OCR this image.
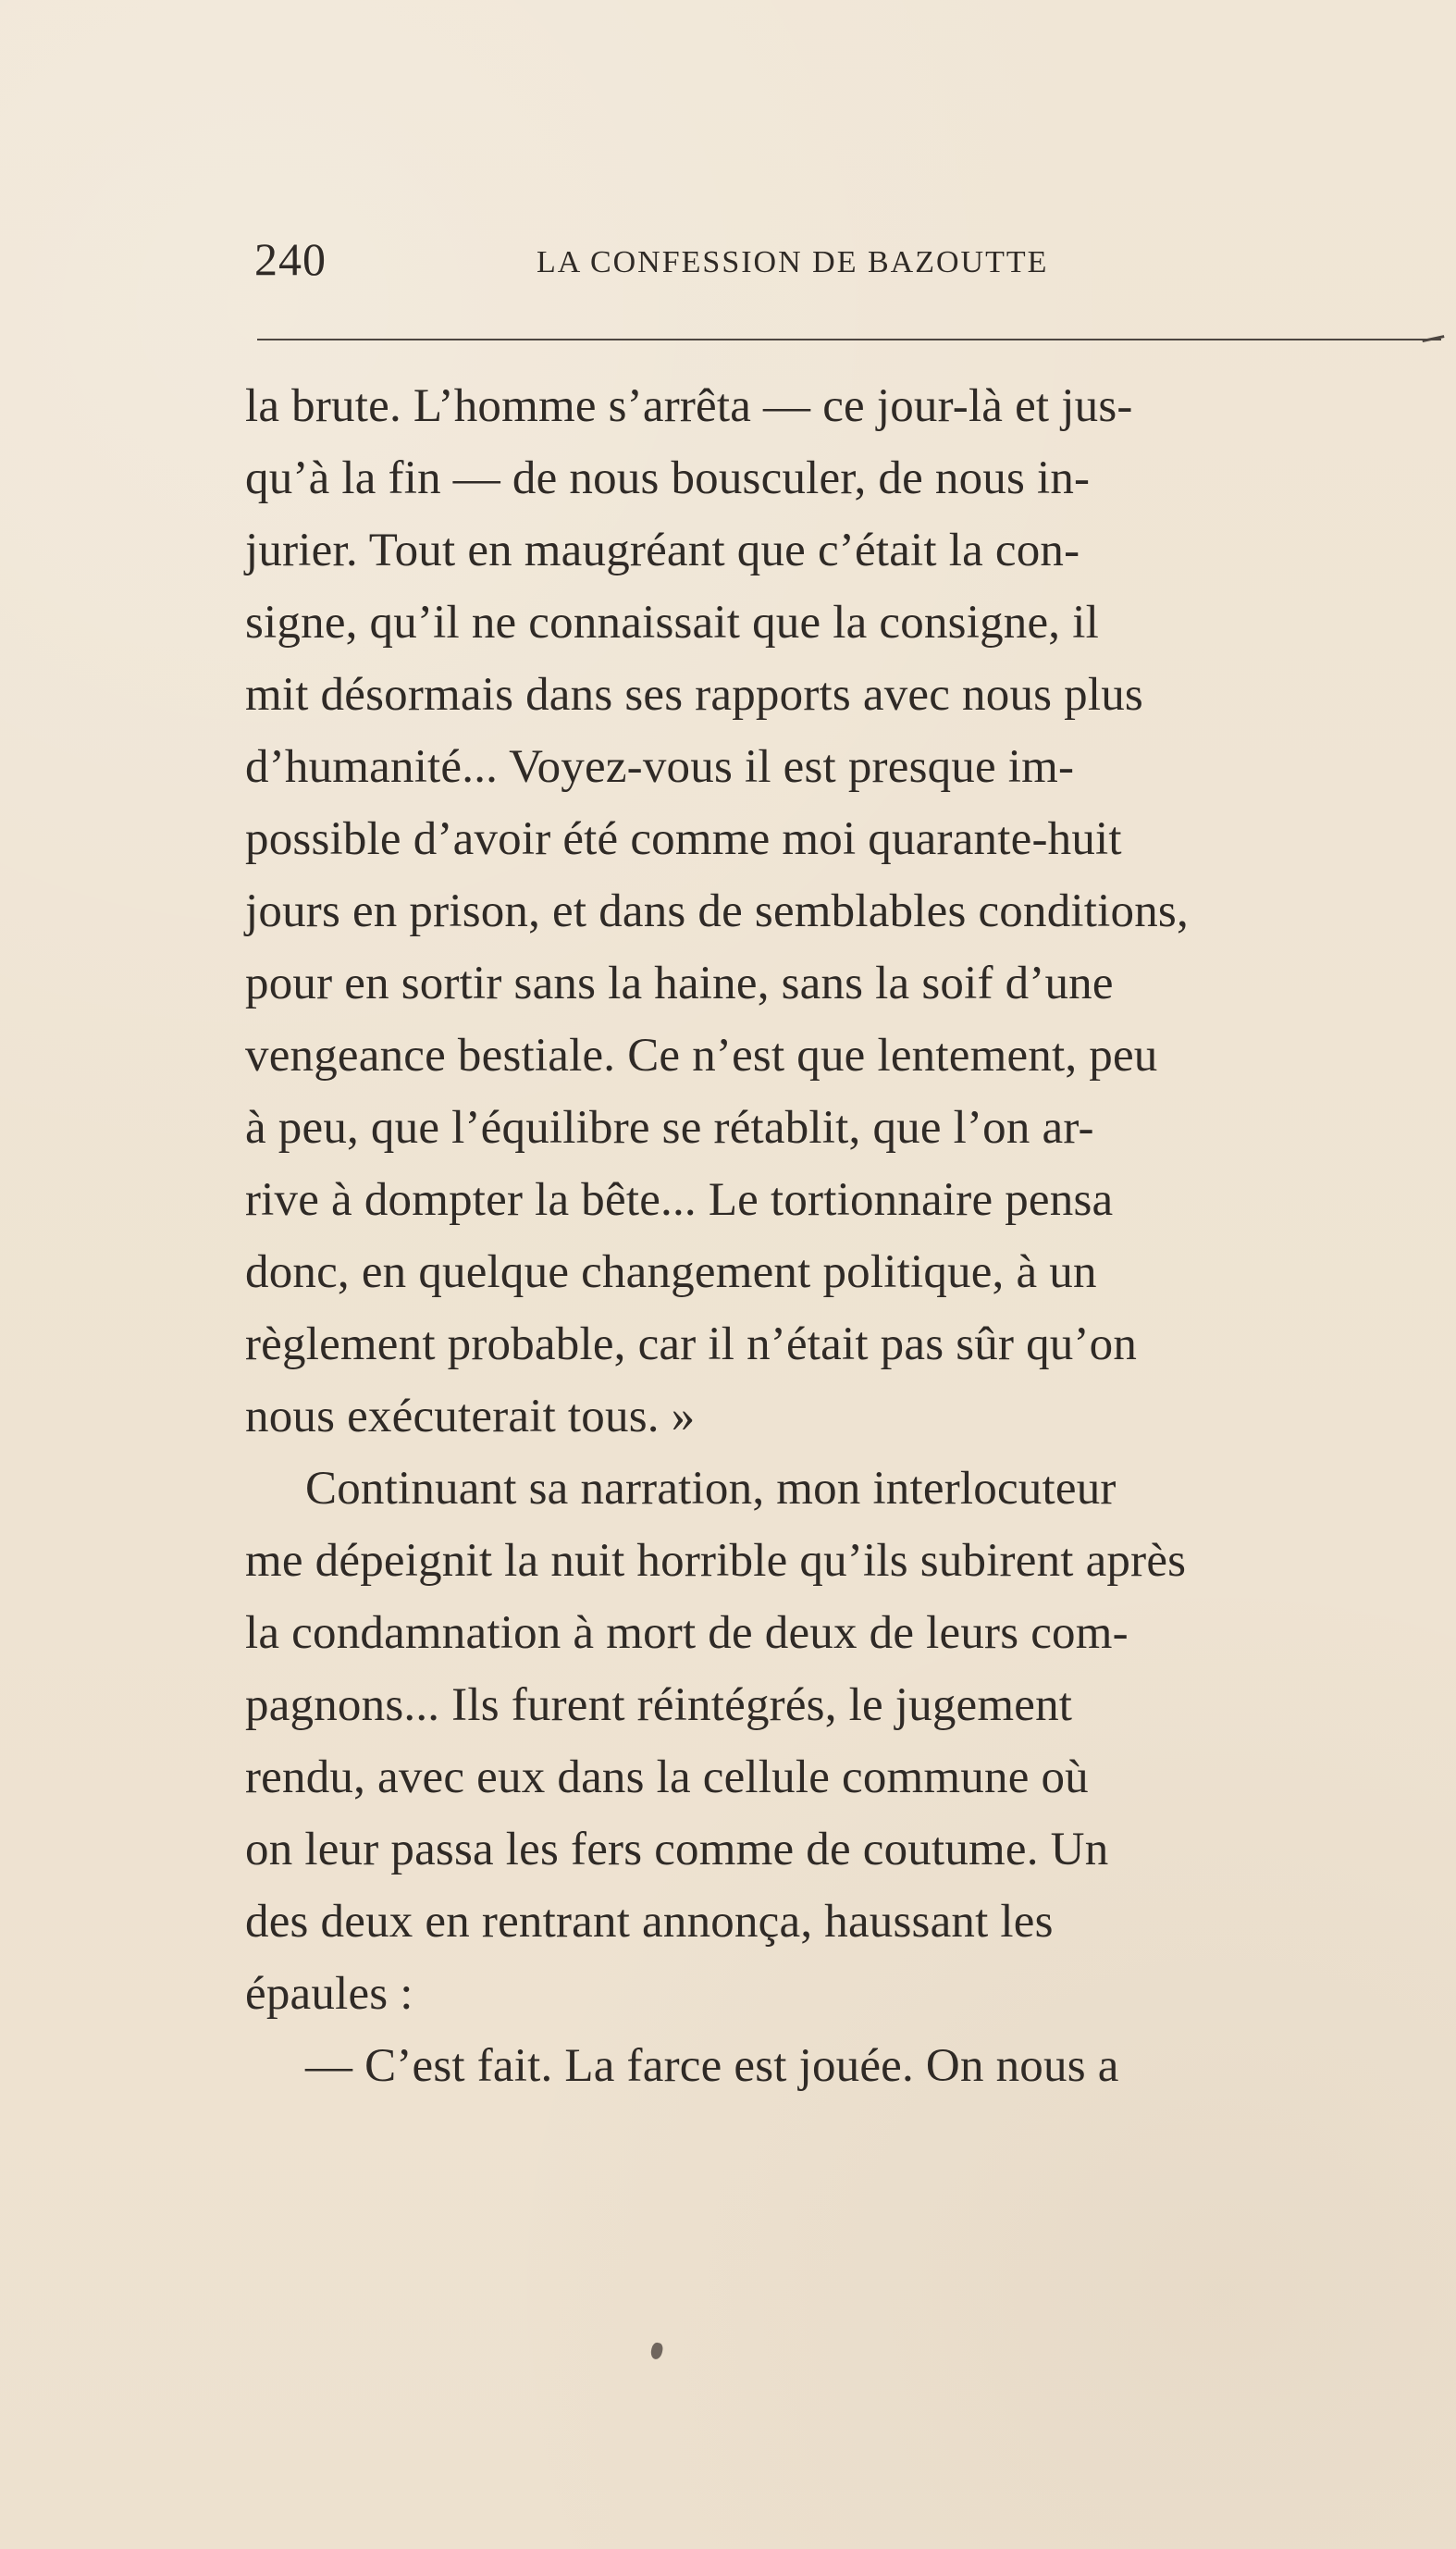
240	LA CONFESSION DE BAZOUTTE
la brute. L’homme s’arrêta — ce jour-là et jus-
qu’à la fin — de nous bousculer, de nous in-
jurier. Tout en maugréant que c’était la con-
signe, qu’il ne connaissait que la consigne, il
mit désormais dans ses rapports avec nous plus
d’humanité... Voyez-vous il est presque im-
possible d’avoir été comme moi quarante-huit
jours en prison, et dans de semblables conditions,
pour en sortir sans la haine, sans la soif d’une
vengeance bestiale. Ce n’est que lentement, peu
à peu, que l’équilibre se rétablit, que l’on ar-
rive à dompter la bête... Le tortionnaire pensa
donc, en quelque changement politique, à un
règlement probable, car il n’était pas sûr qu’on
nous exécuterait tous. »
Continuant sa narration, mon interlocuteur
me dépeignit la nuit horrible qu’ils subirent après
la condamnation à mort de deux de leurs com-
pagnons... Ils furent réintégrés, le jugement
rendu, avec eux dans la cellule commune où
on leur passa les fers comme de coutume. Un
des deux en rentrant annonça, haussant les
épaules :
— C’est fait. La farce est jouée. On nous a
